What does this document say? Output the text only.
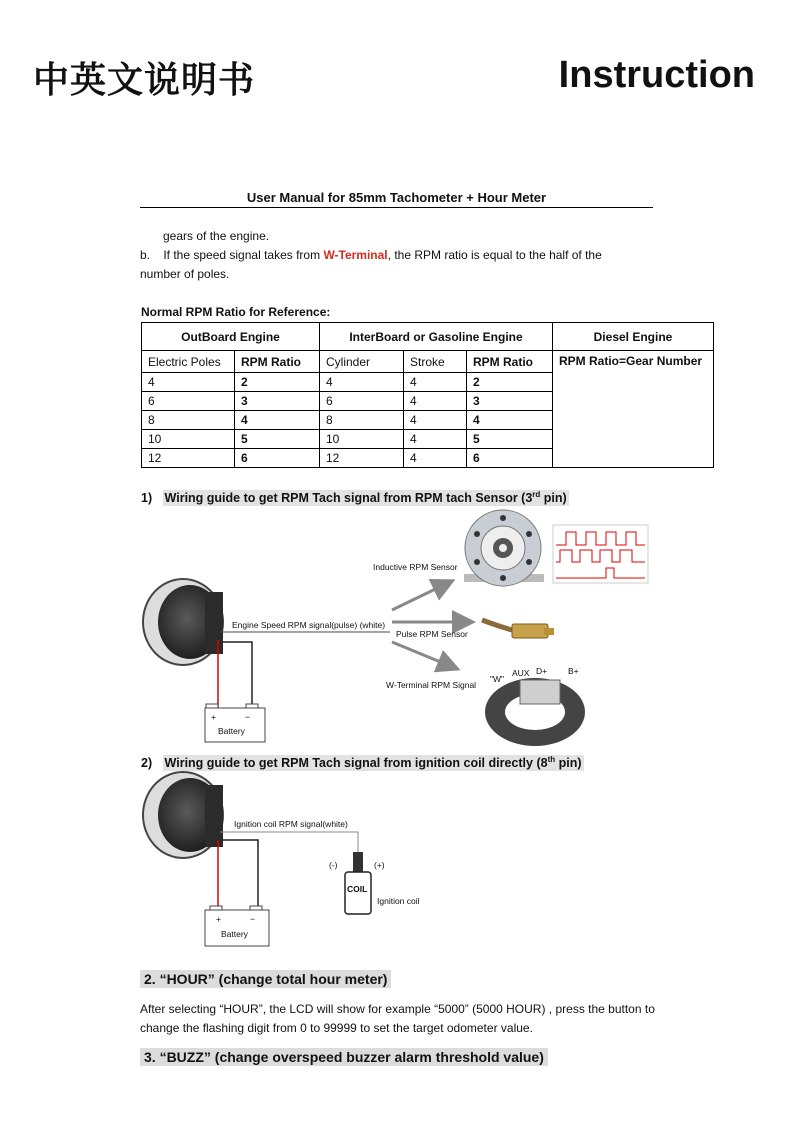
中英文说明书	Instruction
User Manual for 85mm Tachometer + Hour Meter
gears of the engine.
b.    If the speed signal takes from W-Terminal, the RPM ratio is equal to the half of the
number of poles.
Normal RPM Ratio for Reference:
OutBoard Engine		InterBoard or Gasoline Engine			Diesel Engine
Electric Poles	RPM Ratio	Cylinder	Stroke	RPM Ratio	RPM Ratio=Gear Number
4	2	4	4	2	
6	3	6	4	3	
8	4	8	4	4	
10	5	10	4	5	
12	6	12	4	6	
1) Wiring guide to get RPM Tach signal from RPM tach Sensor (3rd pin)
+	−
Battery
Engine Speed RPM signal(pulse) (white)
Inductive RPM Sensor
Pulse RPM Sensor
W-Terminal RPM Signal
AUX D+ B+
"W"
Ignition coil RPM signal(white)
+	−
Battery
(-)	(+)
COIL
Ignition coil
2) Wiring guide to get RPM Tach signal from ignition coil directly (8th pin)
2. “HOUR” (change total hour meter)
After selecting “HOUR”, the LCD will show for example “5000” (5000 HOUR) , press the button to
change the flashing digit from 0 to 99999 to set the target odometer value.
3. “BUZZ” (change overspeed buzzer alarm threshold value)
